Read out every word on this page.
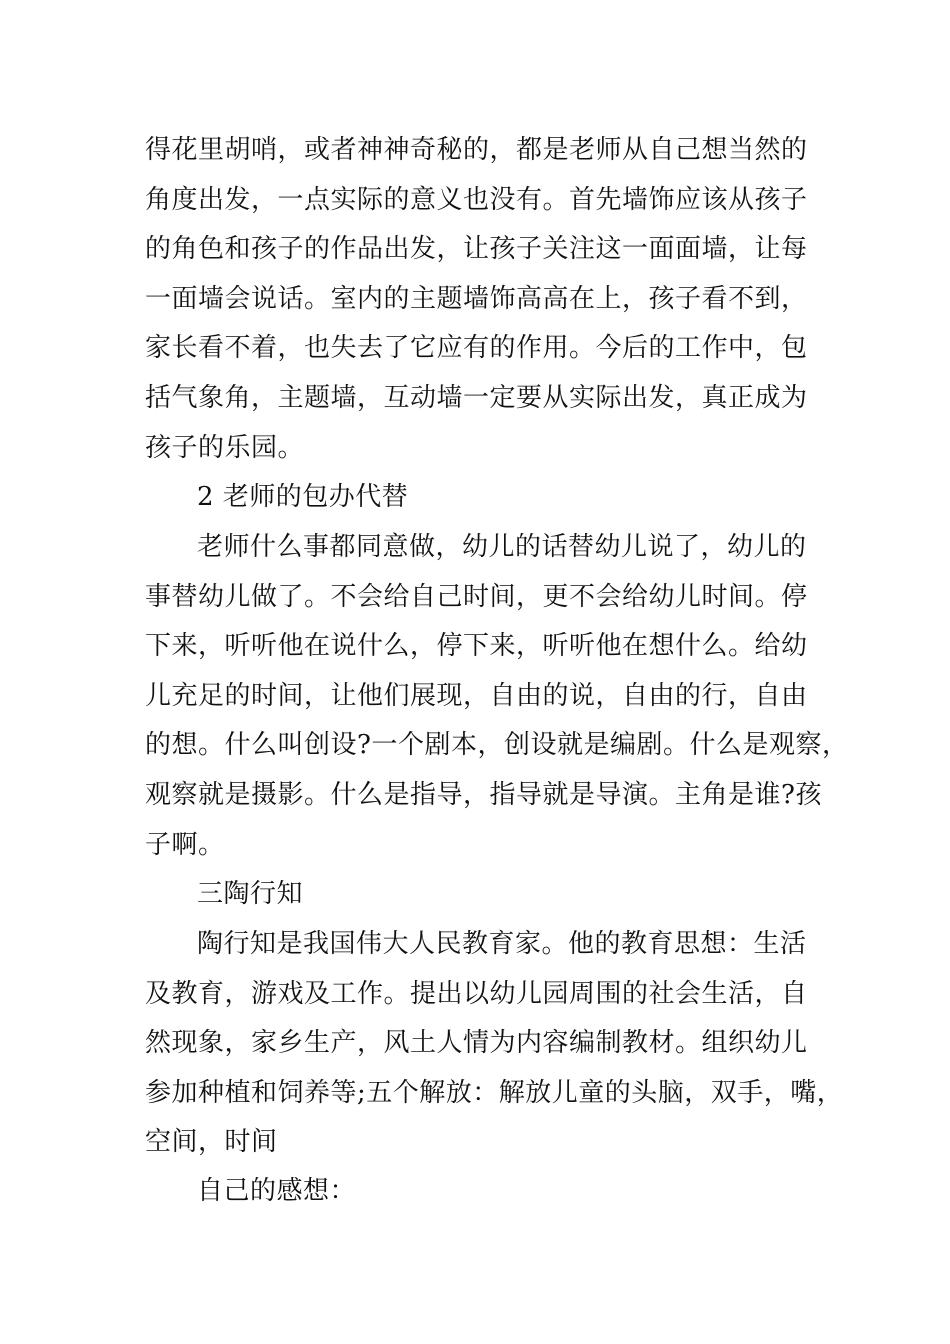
得花里胡哨，或者神神奇秘的，都是老师从自己想当然的
角度出发，一点实际的意义也没有。首先墙饰应该从孩子
的角色和孩子的作品出发，让孩子关注这一面面墙，让每
一面墙会说话。室内的主题墙饰高高在上，孩子看不到，
家长看不着，也失去了它应有的作用。今后的工作中，包
括气象角，主题墙，互动墙一定要从实际出发，真正成为
孩子的乐园。
2 老师的包办代替
老师什么事都同意做，幼儿的话替幼儿说了，幼儿的
事替幼儿做了。不会给自己时间，更不会给幼儿时间。停
下来，听听他在说什么，停下来，听听他在想什么。给幼
儿充足的时间，让他们展现，自由的说，自由的行，自由
的想。什么叫创设?一个剧本，创设就是编剧。什么是观察，
观察就是摄影。什么是指导，指导就是导演。主角是谁?孩
子啊。
三陶行知
陶行知是我国伟大人民教育家。他的教育思想：生活
及教育，游戏及工作。提出以幼儿园周围的社会生活，自
然现象，家乡生产，风土人情为内容编制教材。组织幼儿
参加种植和饲养等;五个解放：解放儿童的头脑，双手，嘴，
空间，时间
自己的感想：
